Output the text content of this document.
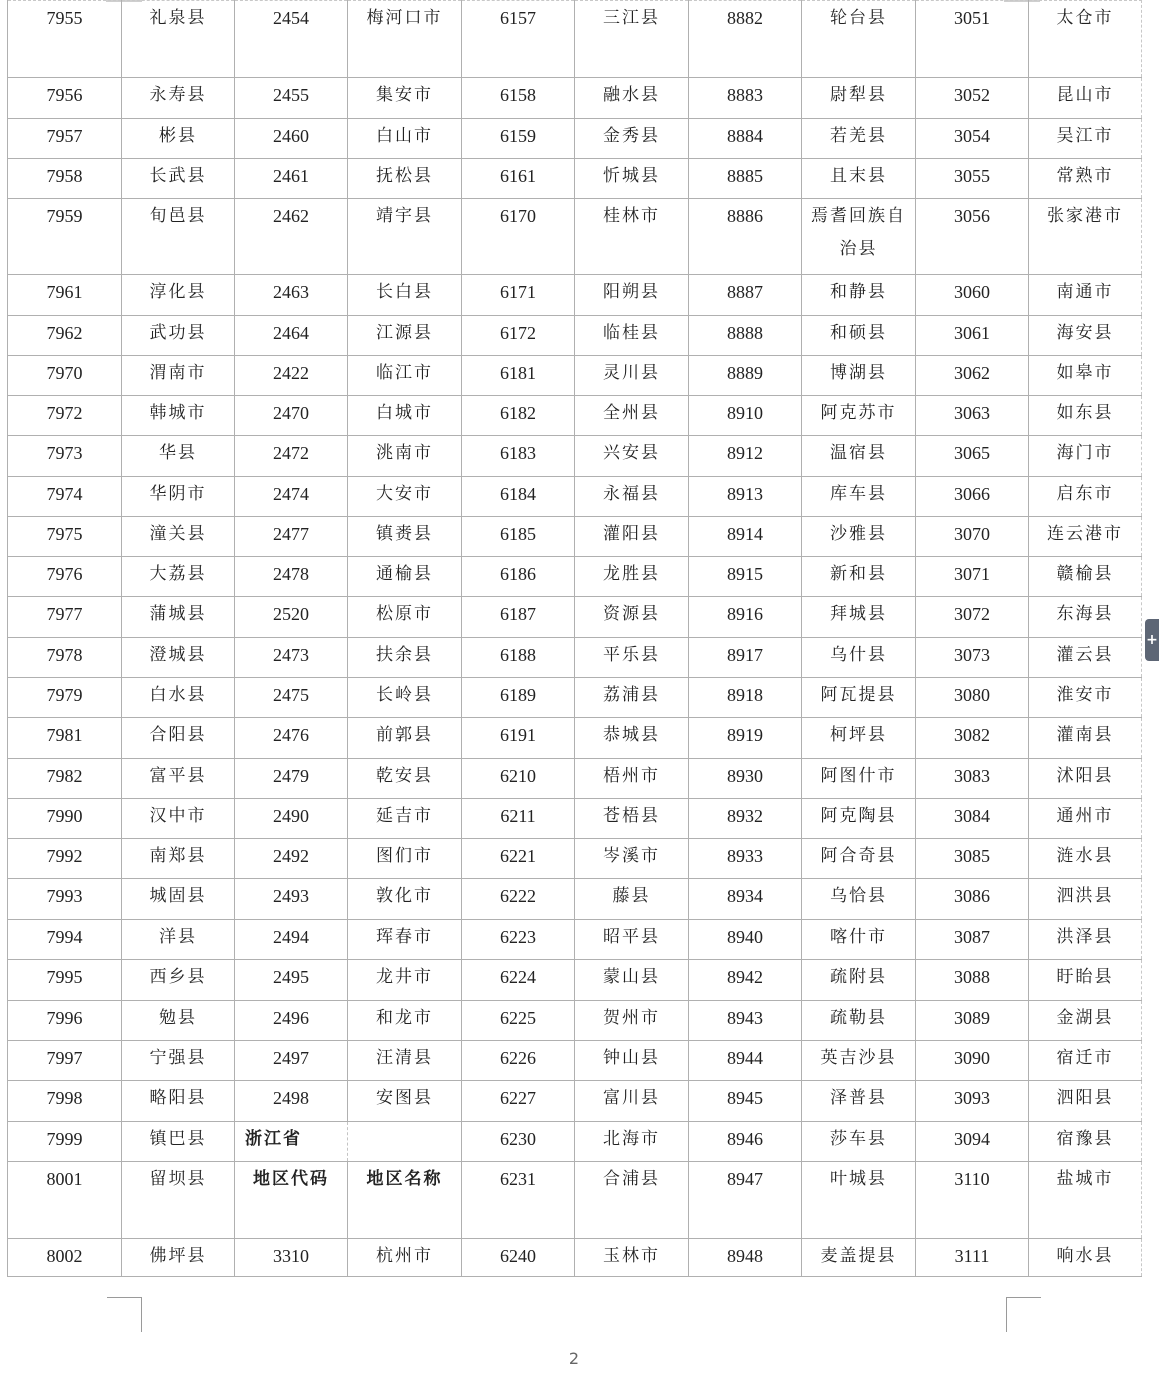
7955	礼泉县	2454	梅河口市	6157	三江县	8882	轮台县	3051	太仓市
7956	永寿县	2455	集安市	6158	融水县	8883	尉犁县	3052	昆山市
7957	彬县	2460	白山市	6159	金秀县	8884	若羌县	3054	吴江市
7958	长武县	2461	抚松县	6161	忻城县	8885	且末县	3055	常熟市
7959	旬邑县	2462	靖宇县	6170	桂林市	8886	焉耆回族自治县	3056	张家港市
7961	淳化县	2463	长白县	6171	阳朔县	8887	和静县	3060	南通市
7962	武功县	2464	江源县	6172	临桂县	8888	和硕县	3061	海安县
7970	渭南市	2422	临江市	6181	灵川县	8889	博湖县	3062	如皋市
7972	韩城市	2470	白城市	6182	全州县	8910	阿克苏市	3063	如东县
7973	华县	2472	洮南市	6183	兴安县	8912	温宿县	3065	海门市
7974	华阴市	2474	大安市	6184	永福县	8913	库车县	3066	启东市
7975	潼关县	2477	镇赉县	6185	灌阳县	8914	沙雅县	3070	连云港市
7976	大荔县	2478	通榆县	6186	龙胜县	8915	新和县	3071	赣榆县
7977	蒲城县	2520	松原市	6187	资源县	8916	拜城县	3072	东海县
7978	澄城县	2473	扶余县	6188	平乐县	8917	乌什县	3073	灌云县
7979	白水县	2475	长岭县	6189	荔浦县	8918	阿瓦提县	3080	淮安市
7981	合阳县	2476	前郭县	6191	恭城县	8919	柯坪县	3082	灌南县
7982	富平县	2479	乾安县	6210	梧州市	8930	阿图什市	3083	沭阳县
7990	汉中市	2490	延吉市	6211	苍梧县	8932	阿克陶县	3084	通州市
7992	南郑县	2492	图们市	6221	岑溪市	8933	阿合奇县	3085	涟水县
7993	城固县	2493	敦化市	6222	藤县	8934	乌恰县	3086	泗洪县
7994	洋县	2494	珲春市	6223	昭平县	8940	喀什市	3087	洪泽县
7995	西乡县	2495	龙井市	6224	蒙山县	8942	疏附县	3088	盱眙县
7996	勉县	2496	和龙市	6225	贺州市	8943	疏勒县	3089	金湖县
7997	宁强县	2497	汪清县	6226	钟山县	8944	英吉沙县	3090	宿迁市
7998	略阳县	2498	安图县	6227	富川县	8945	泽普县	3093	泗阳县
7999	镇巴县	浙江省		6230	北海市	8946	莎车县	3094	宿豫县
8001	留坝县	地区代码	地区名称	6231	合浦县	8947	叶城县	3110	盐城市
8002	佛坪县	3310	杭州市	6240	玉林市	8948	麦盖提县	3111	响水县
+
2
